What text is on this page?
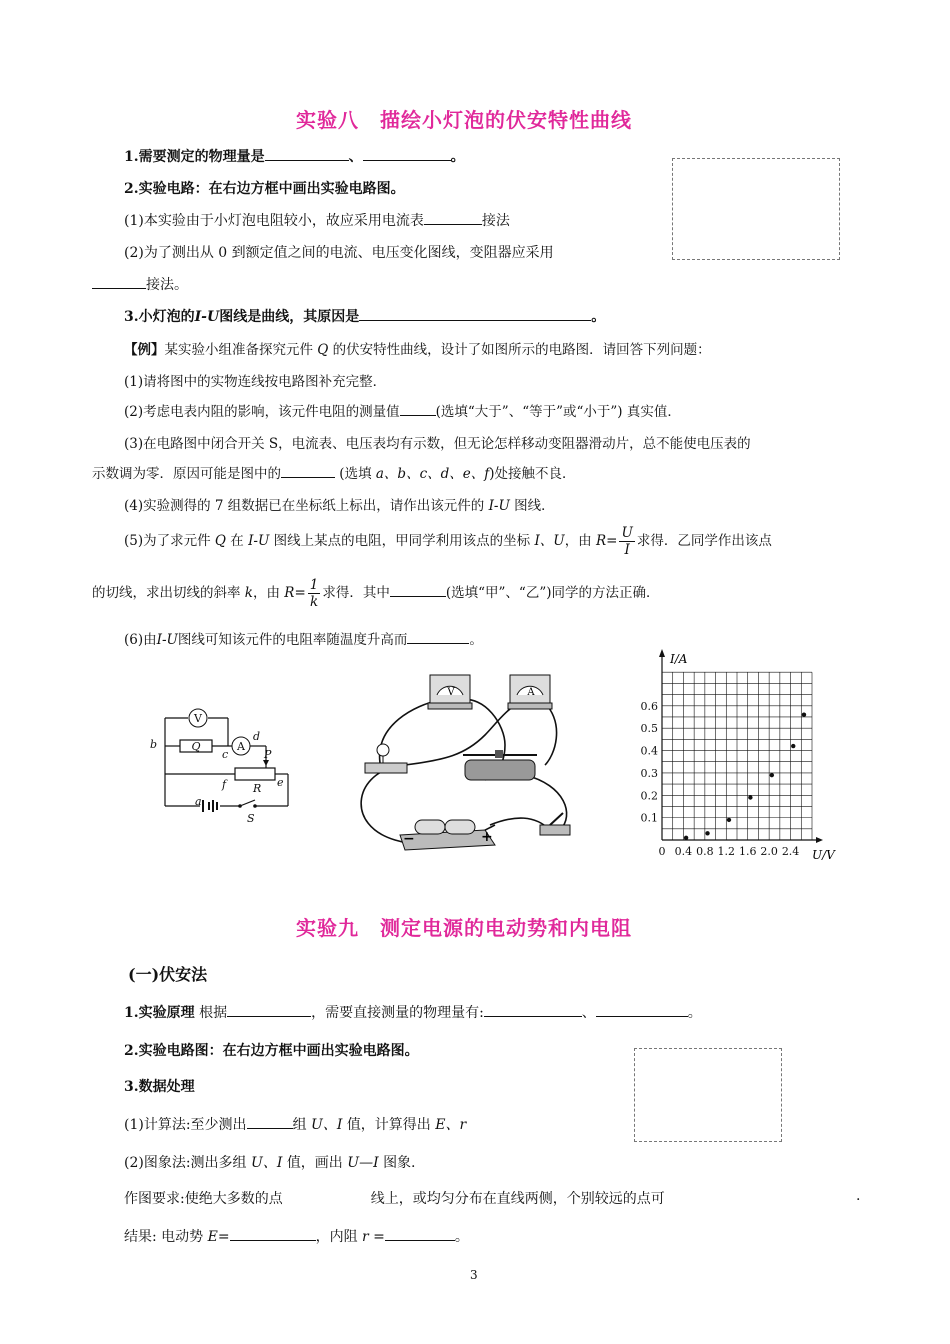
实验八　描绘小灯泡的伏安特性曲线
1.需要测定的物理量是	、	。
2.实验电路：在右边方框中画出实验电路图。
(1)本实验由于小灯泡电阻较小，故应采用电流表	接法
(2)为了测出从 0 到额定值之间的电流、电压变化图线，变阻器应采用
接法。
3.小灯泡的I-U图线是曲线，其原因是	。
【例】某实验小组准备探究元件 Q 的伏安特性曲线，设计了如图所示的电路图．请回答下列问题：
(1)请将图中的实物连线按电路图补充完整．
(2)考虑电表内阻的影响，该元件电阻的测量值	(选填“大于”、“等于”或“小于”) 真实值．
(3)在电路图中闭合开关 S，电流表、电压表均有示数，但无论怎样移动变阻器滑动片，总不能使电压表的
示数调为零．原因可能是图中的	(选填 a、b、c、d、e、f)处接触不良．
(4)实验测得的 7 组数据已在坐标纸上标出，请作出该元件的 I-U 图线．
(5)为了求元件 Q 在 I-U 图线上某点的电阻，甲同学利用该点的坐标 I、U，由 $R= \frac{U}{I}$ 求得．乙同学作出该点
的切线，求出切线的斜率 k，由 $R= \frac{1}{k}$ 求得．其中	(选填“甲”、“乙”)同学的方法正确．
(6)由I-U图线可知该元件的电阻率随温度升高而	。
V
A
Q
R
S
P
a
b
c
d
e
f
V	A
−	+
0 0.4 0.8 1.2 1.6 2.0 2.4
0.1
0.2
0.3
0.4
0.5
0.6
I/A
U/V
实验九　测定电源的电动势和内电阻
(一)伏安法
1.实验原理 根据	，需要直接测量的物理量有:	、	。
2.实验电路图：在右边方框中画出实验电路图。
3.数据处理
(1)计算法:至少测出	组 U、I 值，计算得出 E、r
(2)图象法:测出多组 U、I 值，画出 U—I 图象.
作图要求:使绝大多数的点	线上，或均匀分布在直线两侧，个别较远的点可	.
结果: 电动势 E=	，内阻 r =	。
3
